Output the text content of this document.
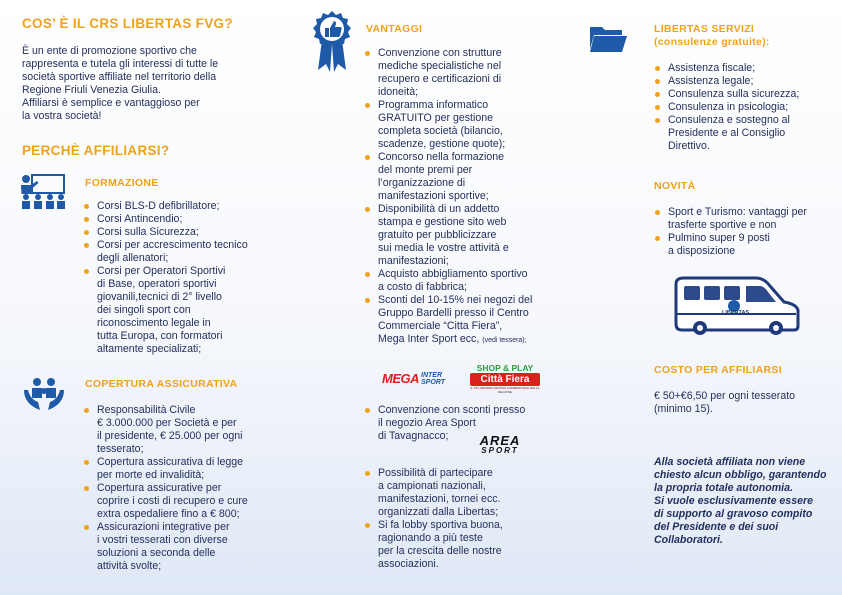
COS’ È IL CRS LIBERTAS FVG?

È un ente di promozione sportivo che

rappresenta e tutela gli interessi di tutte le

società sportive affiliate nel territorio della

Regione Friuli Venezia Giulia.

Affiliarsi è semplice e vantaggioso per

la vostra società!

PERCHÈ AFFILIARSI?
FORMAZIONE
Corsi BLS-D defibrillatore;
Corsi Antincendio;
Corsi sulla Sicurezza;
Corsi per accrescimento tecnico
degli allenatori;
Corsi per Operatori Sportivi
di Base, operatori sportivi
giovanili,tecnici di 2° livello
dei singoli sport con
riconoscimento legale in
tutta Europa, con formatori
altamente specializati;
COPERTURA ASSICURATIVA
Responsabilità Civile
€ 3.000.000 per Società e per
il presidente, € 25.000 per ogni
tesserato;
Copertura assicurativa di legge
per morte ed invalidità;
Copertura assicurative per
coprire i costi di recupero e cure
extra ospedaliere fino a € 800;
Assicurazioni integrative per
i vostri tesserati con diverse
soluzioni a seconda delle
attività svolte;
VANTAGGI
Convenzione con strutture
mediche specialistiche nel
recupero e certificazioni di
idoneità;
Programma informatico
GRATUITO per gestione
completa società (bilancio,
scadenze, gestione quote);
Concorso nella formazione
del monte premi per
l’organizzazione di
manifestazioni sportive;
Disponibilità di un addetto
stampa e gestione sito web
gratuito per pubblicizzare
sui media le vostre attività e
manifestazioni;
Acquisto abbigliamento sportivo
a costo di fabbrica;
Sconti del 10-15% nei negozi del
Gruppo Bardelli presso il Centro
Commerciale “Citta Fiera”,
Mega Inter Sport ecc, (vedi tessera);
MEGA INTER
SPORT
SHOP & PLAY
Città Fiera
IL PIÙ GRANDE CENTRO COMMERCIALE DELLA REGIONE
Convenzione con sconti presso
il negozio Area Sport
di Tavagnacco;	AREA
SPORT
Possibilità di partecipare
a campionati nazionali,
manifestazioni, tornei ecc.
organizzati dalla Libertas;
Si fa lobby sportiva buona,
ragionando a più teste
per la crescita delle nostre
associazioni.
LIBERTAS SERVIZI
(consulenze gratuite):
Assistenza fiscale;
Assistenza legale;
Consulenza sulla sicurezza;
Consulenza in psicologia;
Consulenza e sostegno al
Presidente e al Consiglio
Direttivo.
NOVITÀ
Sport e Turismo: vantaggi per
trasferte sportive e non
Pulmino super 9 posti
a disposizione
LIBERTAS
COSTO PER AFFILIARSI

€ 50+€6,50 per ogni tesserato

(minimo 15).

Alla società affiliata non viene

chiesto alcun obbligo, garantendo

la propria totale autonomia.

Si vuole esclusivamente essere

di supporto al gravoso compito

del Presidente e dei suoi

Collaboratori.
